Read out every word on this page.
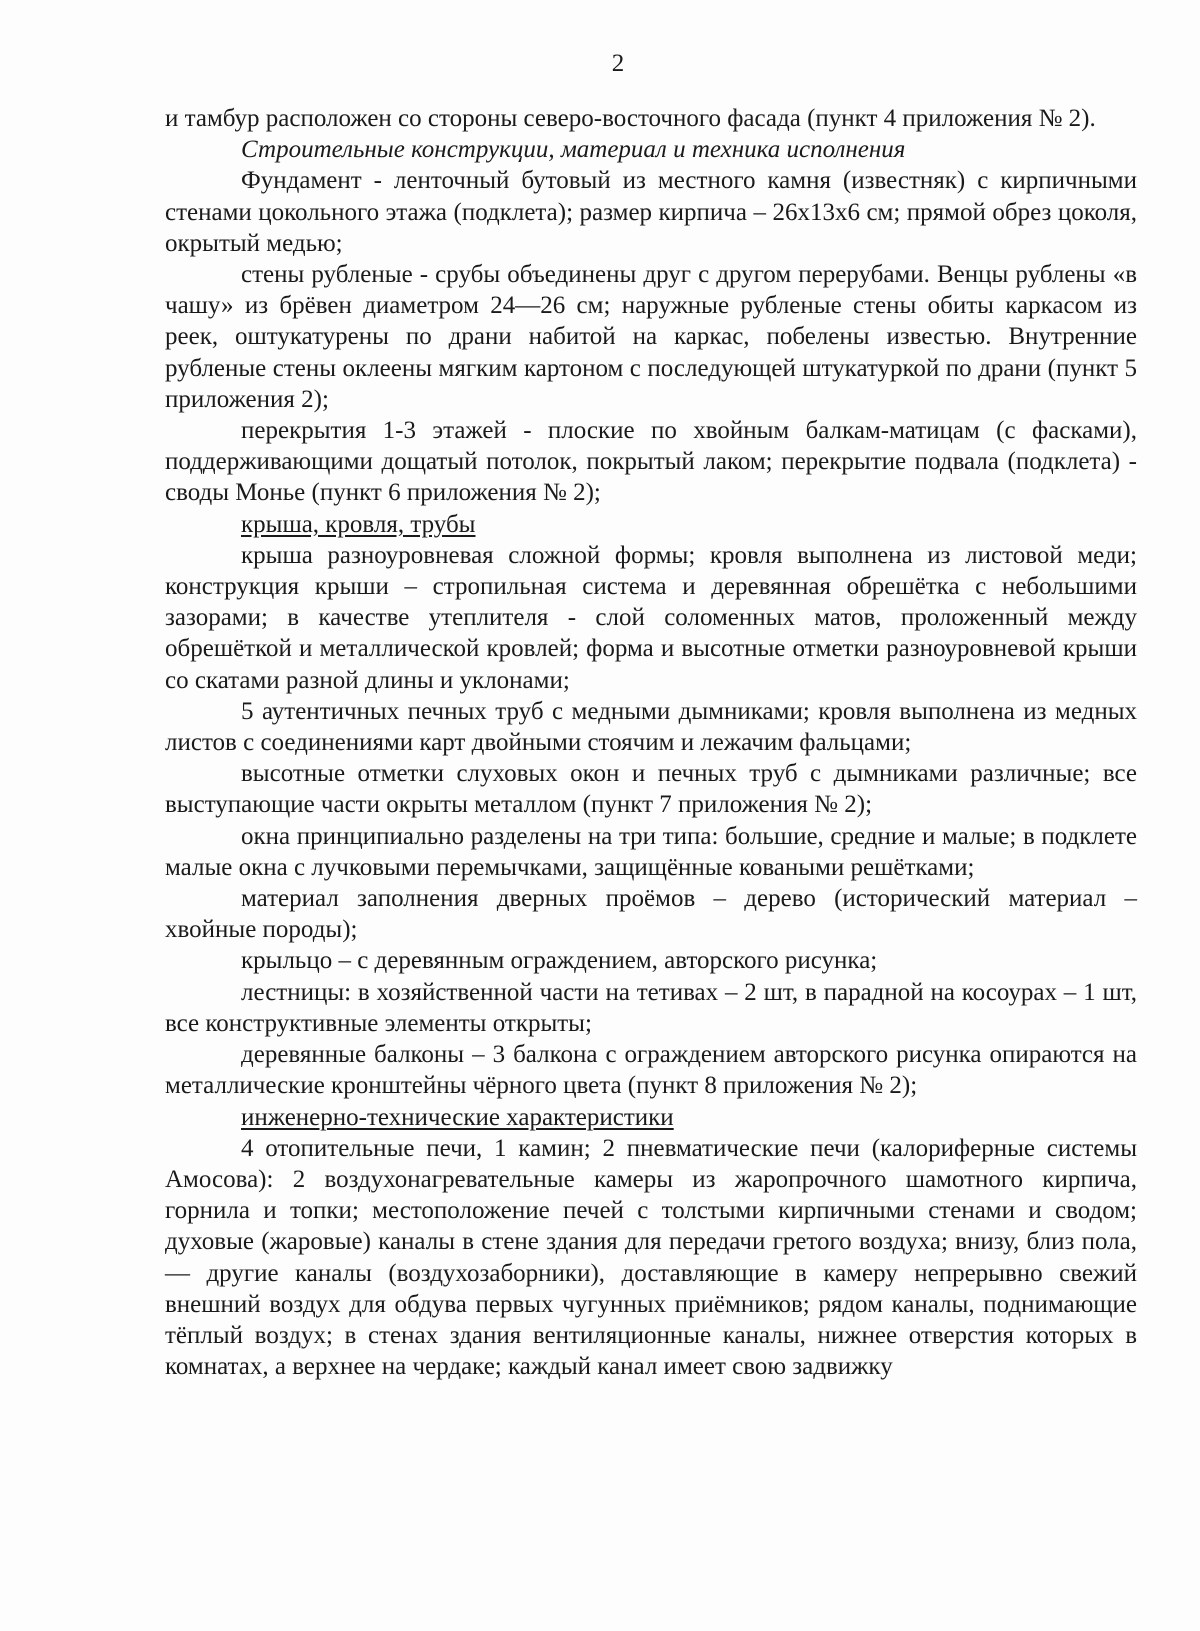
2

и тамбур расположен со стороны северо-восточного фасада (пункт 4 приложения № 2).

Строительные конструкции, материал и техника исполнения

Фундамент - ленточный бутовый из местного камня (известняк) с кирпичными стенами цокольного этажа (подклета); размер кирпича – 26х13х6 см; прямой обрез цоколя, окрытый медью;

стены рубленые - срубы объединены друг с другом перерубами. Венцы рублены «в чашу» из брёвен диаметром 24—26 см; наружные рубленые стены обиты каркасом из реек, оштукатурены по драни набитой на каркас, побелены известью. Внутренние рубленые стены оклеены мягким картоном с последующей штукатуркой по драни (пункт 5 приложения 2);

перекрытия 1-3 этажей - плоские по хвойным балкам-матицам (с фасками), поддерживающими дощатый потолок, покрытый лаком; перекрытие подвала (подклета) - своды Монье (пункт 6 приложения № 2);

крыша, кровля, трубы

крыша разноуровневая сложной формы; кровля выполнена из листовой меди; конструкция крыши – стропильная система и деревянная обрешётка с небольшими зазорами; в качестве утеплителя - слой соломенных матов, проложенный между обрешёткой и металлической кровлей; форма и высотные отметки разноуровневой крыши со скатами разной длины и уклонами;

5 аутентичных печных труб с медными дымниками; кровля выполнена из медных листов с соединениями карт двойными стоячим и лежачим фальцами;

высотные отметки слуховых окон и печных труб с дымниками различные; все выступающие части окрыты металлом (пункт 7 приложения № 2);

окна принципиально разделены на три типа: большие, средние и малые; в подклете малые окна с лучковыми перемычками, защищённые коваными решётками;

материал заполнения дверных проёмов – дерево (исторический материал – хвойные породы);

крыльцо – с деревянным ограждением, авторского рисунка;

лестницы: в хозяйственной части на тетивах – 2 шт, в парадной на косоурах – 1 шт, все конструктивные элементы открыты;

деревянные балконы – 3 балкона с ограждением авторского рисунка опираются на металлические кронштейны чёрного цвета (пункт 8 приложения № 2);

инженерно-технические характеристики

4 отопительные печи, 1 камин; 2 пневматические печи (калориферные системы Амосова): 2 воздухонагревательные камеры из жаропрочного шамотного кирпича, горнила и топки; местоположение печей с толстыми кирпичными стенами и сводом; духовые (жаровые) каналы в стене здания для передачи гретого воздуха; внизу, близ пола, — другие каналы (воздухозаборники), доставляющие в камеру непрерывно свежий внешний воздух для обдува первых чугунных приёмников; рядом каналы, поднимающие тёплый воздух; в стенах здания вентиляционные каналы, нижнее отверстия которых в комнатах, а верхнее на чердаке; каждый канал имеет свою задвижку
